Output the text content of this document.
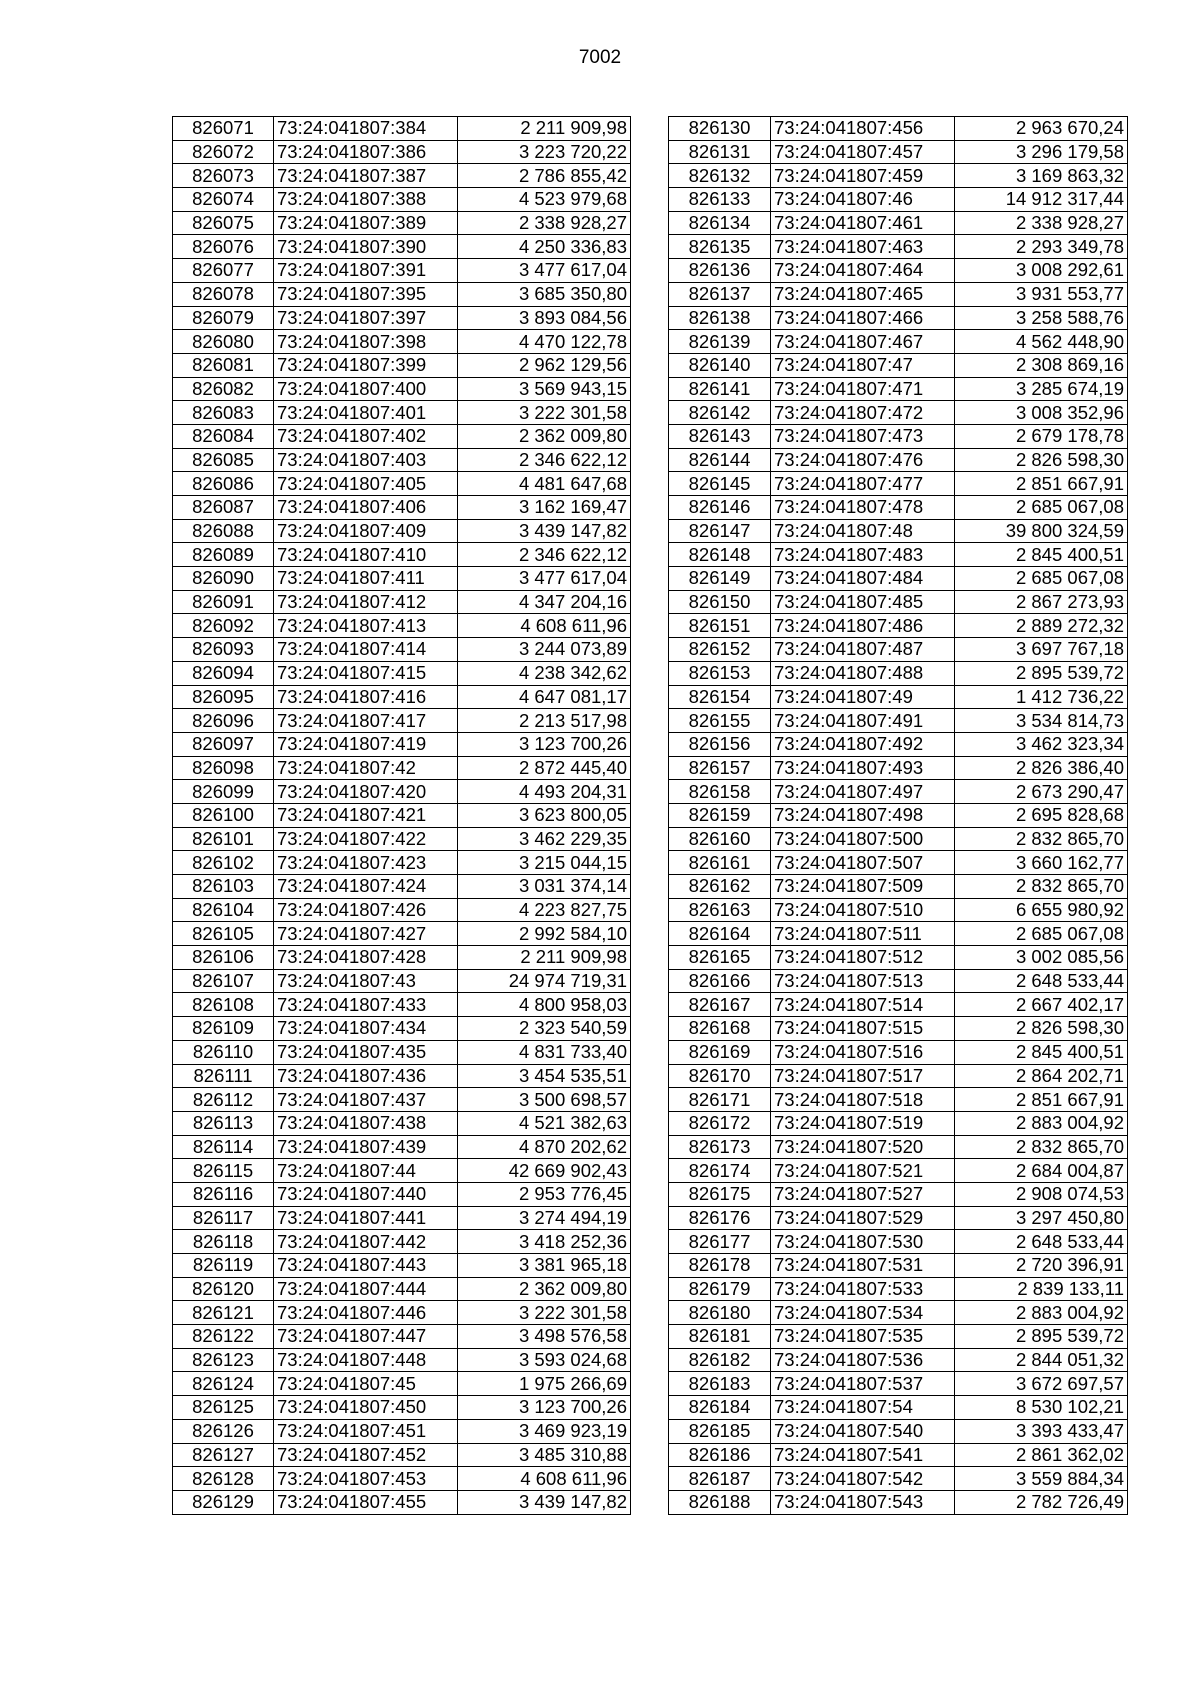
7002
826071	73:24:041807:384	2 211 909,98
826072	73:24:041807:386	3 223 720,22
826073	73:24:041807:387	2 786 855,42
826074	73:24:041807:388	4 523 979,68
826075	73:24:041807:389	2 338 928,27
826076	73:24:041807:390	4 250 336,83
826077	73:24:041807:391	3 477 617,04
826078	73:24:041807:395	3 685 350,80
826079	73:24:041807:397	3 893 084,56
826080	73:24:041807:398	4 470 122,78
826081	73:24:041807:399	2 962 129,56
826082	73:24:041807:400	3 569 943,15
826083	73:24:041807:401	3 222 301,58
826084	73:24:041807:402	2 362 009,80
826085	73:24:041807:403	2 346 622,12
826086	73:24:041807:405	4 481 647,68
826087	73:24:041807:406	3 162 169,47
826088	73:24:041807:409	3 439 147,82
826089	73:24:041807:410	2 346 622,12
826090	73:24:041807:411	3 477 617,04
826091	73:24:041807:412	4 347 204,16
826092	73:24:041807:413	4 608 611,96
826093	73:24:041807:414	3 244 073,89
826094	73:24:041807:415	4 238 342,62
826095	73:24:041807:416	4 647 081,17
826096	73:24:041807:417	2 213 517,98
826097	73:24:041807:419	3 123 700,26
826098	73:24:041807:42	2 872 445,40
826099	73:24:041807:420	4 493 204,31
826100	73:24:041807:421	3 623 800,05
826101	73:24:041807:422	3 462 229,35
826102	73:24:041807:423	3 215 044,15
826103	73:24:041807:424	3 031 374,14
826104	73:24:041807:426	4 223 827,75
826105	73:24:041807:427	2 992 584,10
826106	73:24:041807:428	2 211 909,98
826107	73:24:041807:43	24 974 719,31
826108	73:24:041807:433	4 800 958,03
826109	73:24:041807:434	2 323 540,59
826110	73:24:041807:435	4 831 733,40
826111	73:24:041807:436	3 454 535,51
826112	73:24:041807:437	3 500 698,57
826113	73:24:041807:438	4 521 382,63
826114	73:24:041807:439	4 870 202,62
826115	73:24:041807:44	42 669 902,43
826116	73:24:041807:440	2 953 776,45
826117	73:24:041807:441	3 274 494,19
826118	73:24:041807:442	3 418 252,36
826119	73:24:041807:443	3 381 965,18
826120	73:24:041807:444	2 362 009,80
826121	73:24:041807:446	3 222 301,58
826122	73:24:041807:447	3 498 576,58
826123	73:24:041807:448	3 593 024,68
826124	73:24:041807:45	1 975 266,69
826125	73:24:041807:450	3 123 700,26
826126	73:24:041807:451	3 469 923,19
826127	73:24:041807:452	3 485 310,88
826128	73:24:041807:453	4 608 611,96
826129	73:24:041807:455	3 439 147,82
826130	73:24:041807:456	2 963 670,24
826131	73:24:041807:457	3 296 179,58
826132	73:24:041807:459	3 169 863,32
826133	73:24:041807:46	14 912 317,44
826134	73:24:041807:461	2 338 928,27
826135	73:24:041807:463	2 293 349,78
826136	73:24:041807:464	3 008 292,61
826137	73:24:041807:465	3 931 553,77
826138	73:24:041807:466	3 258 588,76
826139	73:24:041807:467	4 562 448,90
826140	73:24:041807:47	2 308 869,16
826141	73:24:041807:471	3 285 674,19
826142	73:24:041807:472	3 008 352,96
826143	73:24:041807:473	2 679 178,78
826144	73:24:041807:476	2 826 598,30
826145	73:24:041807:477	2 851 667,91
826146	73:24:041807:478	2 685 067,08
826147	73:24:041807:48	39 800 324,59
826148	73:24:041807:483	2 845 400,51
826149	73:24:041807:484	2 685 067,08
826150	73:24:041807:485	2 867 273,93
826151	73:24:041807:486	2 889 272,32
826152	73:24:041807:487	3 697 767,18
826153	73:24:041807:488	2 895 539,72
826154	73:24:041807:49	1 412 736,22
826155	73:24:041807:491	3 534 814,73
826156	73:24:041807:492	3 462 323,34
826157	73:24:041807:493	2 826 386,40
826158	73:24:041807:497	2 673 290,47
826159	73:24:041807:498	2 695 828,68
826160	73:24:041807:500	2 832 865,70
826161	73:24:041807:507	3 660 162,77
826162	73:24:041807:509	2 832 865,70
826163	73:24:041807:510	6 655 980,92
826164	73:24:041807:511	2 685 067,08
826165	73:24:041807:512	3 002 085,56
826166	73:24:041807:513	2 648 533,44
826167	73:24:041807:514	2 667 402,17
826168	73:24:041807:515	2 826 598,30
826169	73:24:041807:516	2 845 400,51
826170	73:24:041807:517	2 864 202,71
826171	73:24:041807:518	2 851 667,91
826172	73:24:041807:519	2 883 004,92
826173	73:24:041807:520	2 832 865,70
826174	73:24:041807:521	2 684 004,87
826175	73:24:041807:527	2 908 074,53
826176	73:24:041807:529	3 297 450,80
826177	73:24:041807:530	2 648 533,44
826178	73:24:041807:531	2 720 396,91
826179	73:24:041807:533	2 839 133,11
826180	73:24:041807:534	2 883 004,92
826181	73:24:041807:535	2 895 539,72
826182	73:24:041807:536	2 844 051,32
826183	73:24:041807:537	3 672 697,57
826184	73:24:041807:54	8 530 102,21
826185	73:24:041807:540	3 393 433,47
826186	73:24:041807:541	2 861 362,02
826187	73:24:041807:542	3 559 884,34
826188	73:24:041807:543	2 782 726,49
